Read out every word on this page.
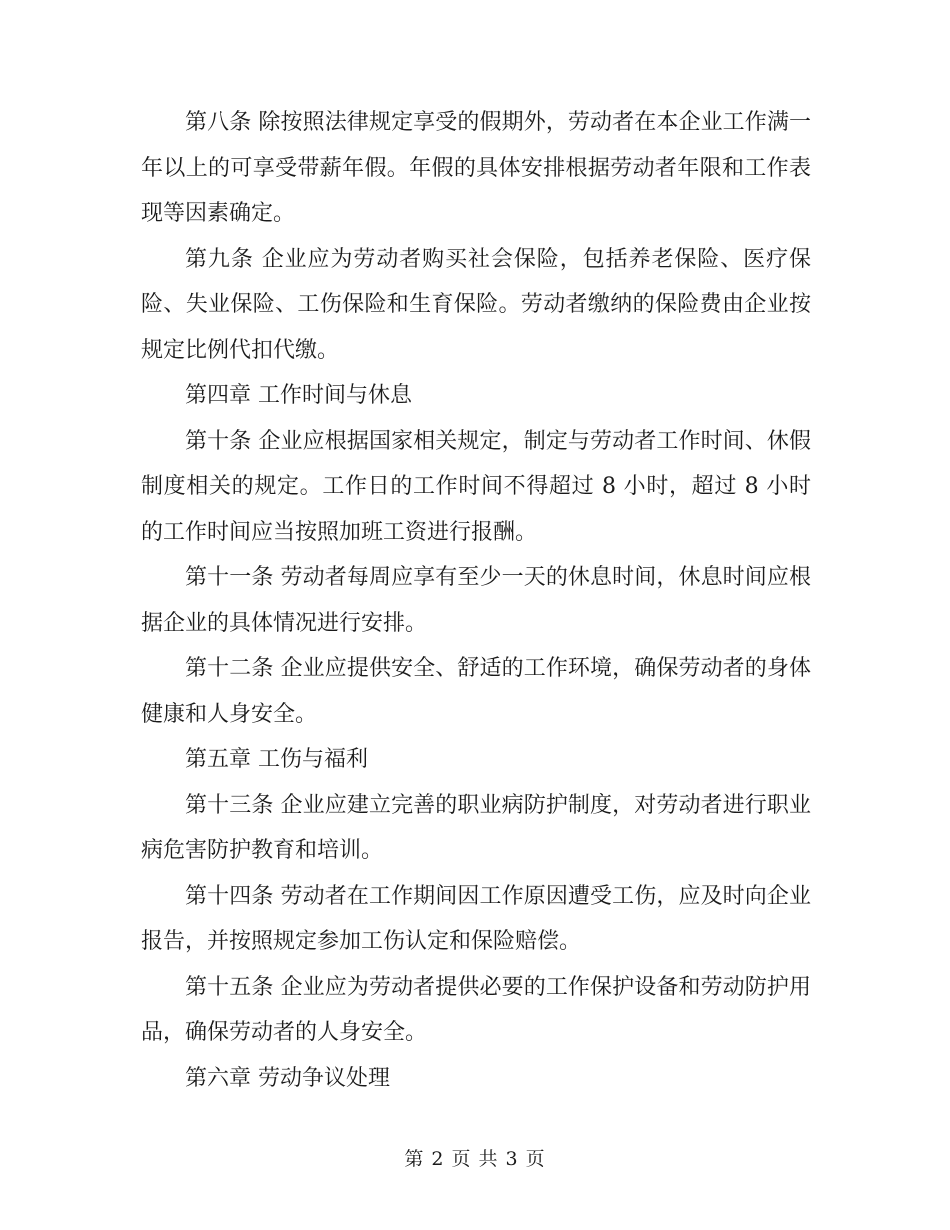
第八条 除按照法律规定享受的假期外，劳动者在本企业工作满一年以上的可享受带薪年假。年假的具体安排根据劳动者年限和工作表现等因素确定。

第九条 企业应为劳动者购买社会保险，包括养老保险、医疗保险、失业保险、工伤保险和生育保险。劳动者缴纳的保险费由企业按规定比例代扣代缴。

第四章 工作时间与休息

第十条 企业应根据国家相关规定，制定与劳动者工作时间、休假制度相关的规定。工作日的工作时间不得超过 8 小时，超过 8 小时的工作时间应当按照加班工资进行报酬。

第十一条 劳动者每周应享有至少一天的休息时间，休息时间应根据企业的具体情况进行安排。

第十二条 企业应提供安全、舒适的工作环境，确保劳动者的身体健康和人身安全。

第五章 工伤与福利

第十三条 企业应建立完善的职业病防护制度，对劳动者进行职业病危害防护教育和培训。

第十四条 劳动者在工作期间因工作原因遭受工伤，应及时向企业报告，并按照规定参加工伤认定和保险赔偿。

第十五条 企业应为劳动者提供必要的工作保护设备和劳动防护用品，确保劳动者的人身安全。

第六章 劳动争议处理

第 2 页 共 3 页
